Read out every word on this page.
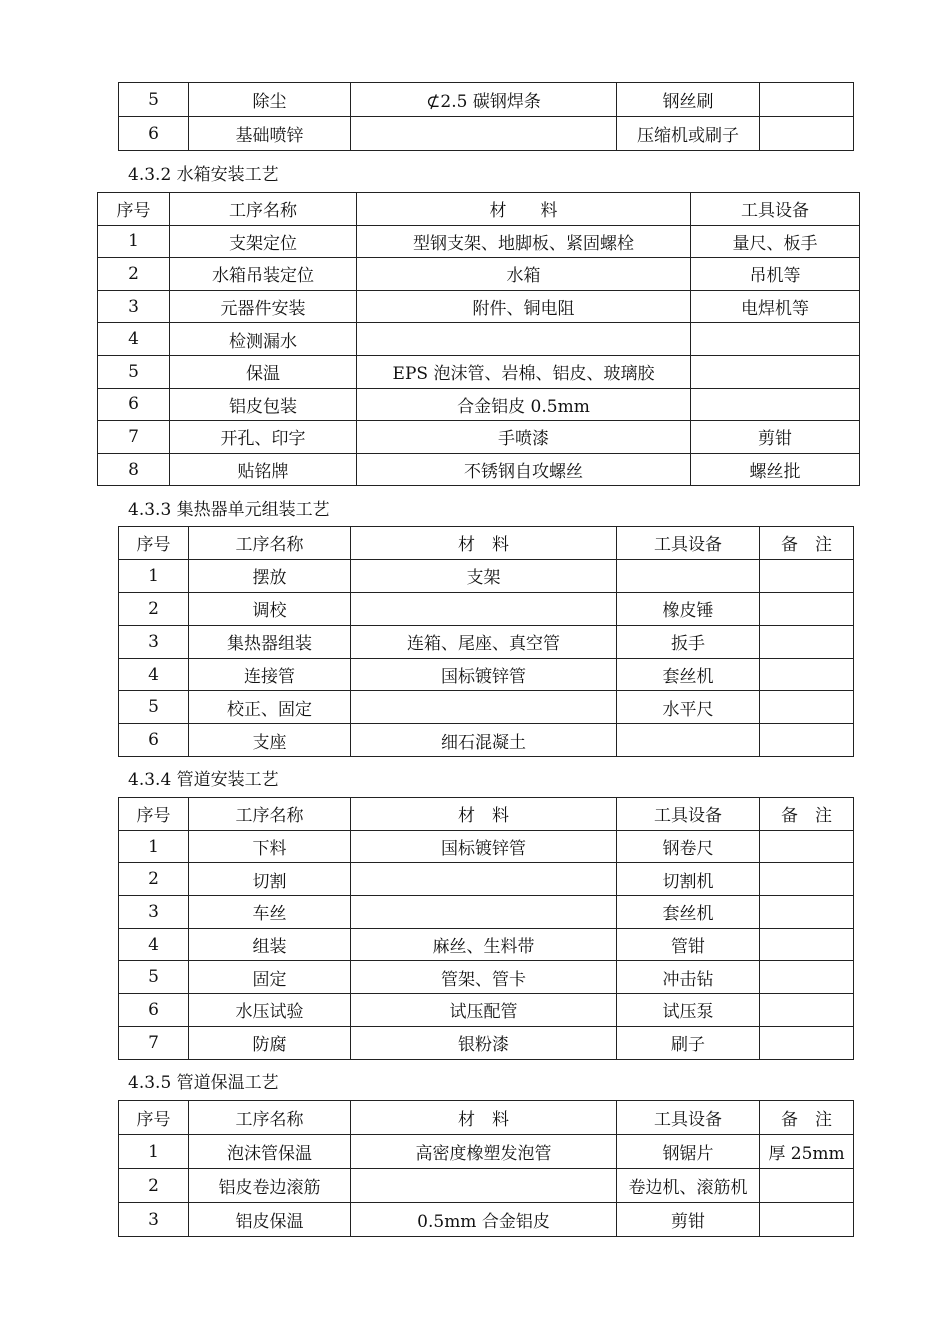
5	除尘	⊄2.5 碳钢焊条	钢丝刷	
6	基础喷锌		压缩机或刷子	
4.3.2 水箱安装工艺
序号	工序名称	材　　料	工具设备
1	支架定位	型钢支架、地脚板、紧固螺栓	量尺、板手
2	水箱吊装定位	水箱	吊机等
3	元器件安装	附件、铜电阻	电焊机等
4	检测漏水		
5	保温	EPS 泡沫管、岩棉、铝皮、玻璃胶	
6	铝皮包装	合金铝皮 0.5mm	
7	开孔、印字	手喷漆	剪钳
8	贴铭牌	不锈钢自攻螺丝	螺丝批
4.3.3 集热器单元组装工艺
序号	工序名称	材　料	工具设备	备　注
1	摆放	支架		
2	调校		橡皮锤	
3	集热器组装	连箱、尾座、真空管	扳手	
4	连接管	国标镀锌管	套丝机	
5	校正、固定		水平尺	
6	支座	细石混凝土		
4.3.4 管道安装工艺
序号	工序名称	材　料	工具设备	备　注
1	下料	国标镀锌管	钢卷尺	
2	切割		切割机	
3	车丝		套丝机	
4	组装	麻丝、生料带	管钳	
5	固定	管架、管卡	冲击钻	
6	水压试验	试压配管	试压泵	
7	防腐	银粉漆	刷子	
4.3.5 管道保温工艺
序号	工序名称	材　料	工具设备	备　注
1	泡沫管保温	高密度橡塑发泡管	钢锯片	厚 25mm
2	铝皮卷边滚筋		卷边机、滚筋机	
3	铝皮保温	0.5mm 合金铝皮	剪钳	
